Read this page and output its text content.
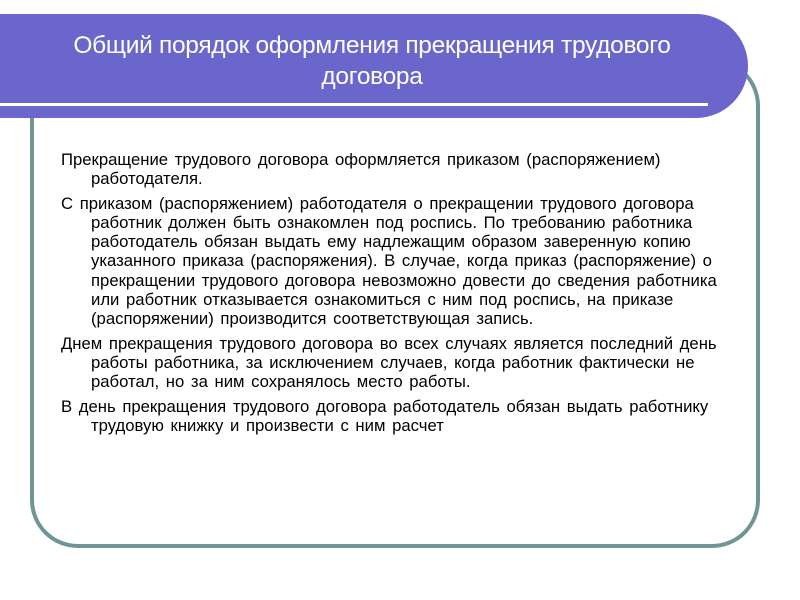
Общий порядок оформления прекращения трудового договора
Прекращение трудового договора оформляется приказом (распоряжением) работодателя.
С приказом (распоряжением) работодателя о прекращении трудового договора работник должен быть ознакомлен под роспись. По требованию работника работодатель обязан выдать ему надлежащим образом заверенную копию указанного приказа (распоряжения). В случае, когда приказ (распоряжение) о прекращении трудового договора невозможно довести до сведения работника или работник отказывается ознакомиться с ним под роспись, на приказе (распоряжении) производится соответствующая запись.
Днем прекращения трудового договора во всех случаях является последний день работы работника, за исключением случаев, когда работник фактически не работал, но за ним сохранялось место работы.
В день прекращения трудового договора работодатель обязан выдать работнику трудовую книжку и произвести с ним расчет
